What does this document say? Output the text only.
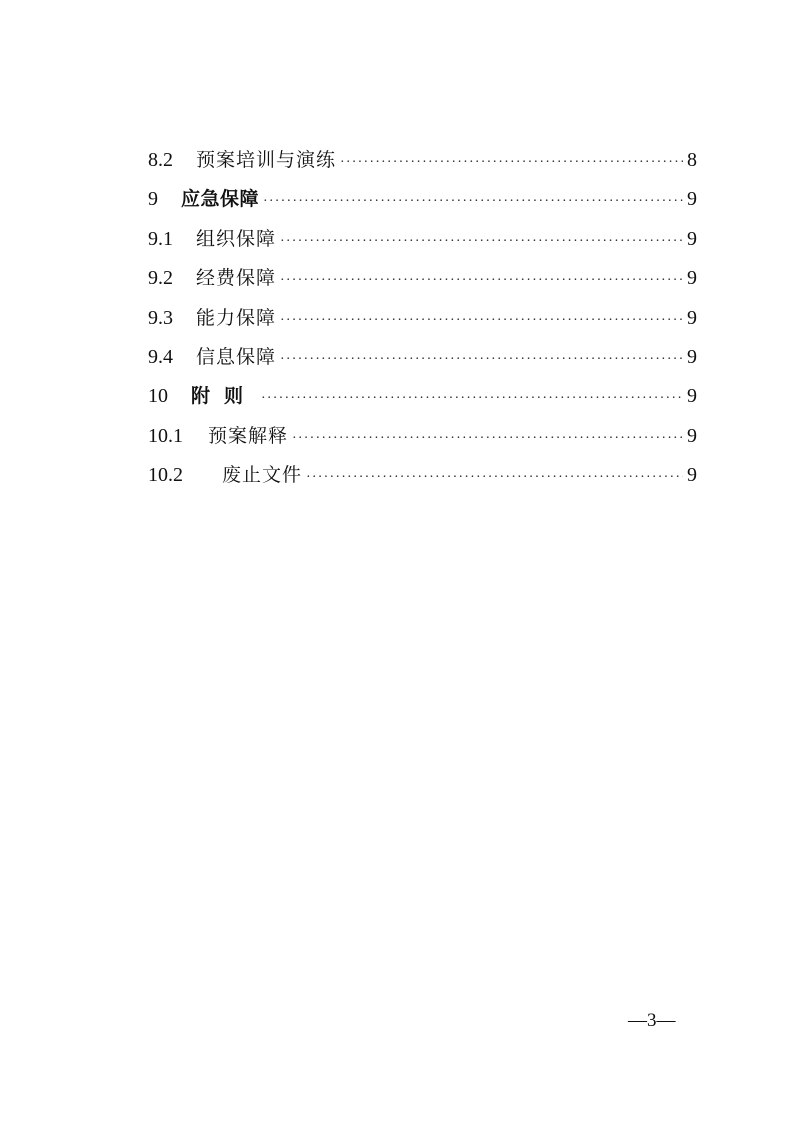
8.2	预案培训与演练 ·····	8
9	应急保障 ·····	9
9.1	组织保障 ·····	9
9.2	经费保障 ·····	9
9.3	能力保障 ·····	9
9.4	信息保障 ·····	9
10	附则 ·····	9
10.1	预案解释 ·····	9
10.2	废止文件 ·····	9
—3—
